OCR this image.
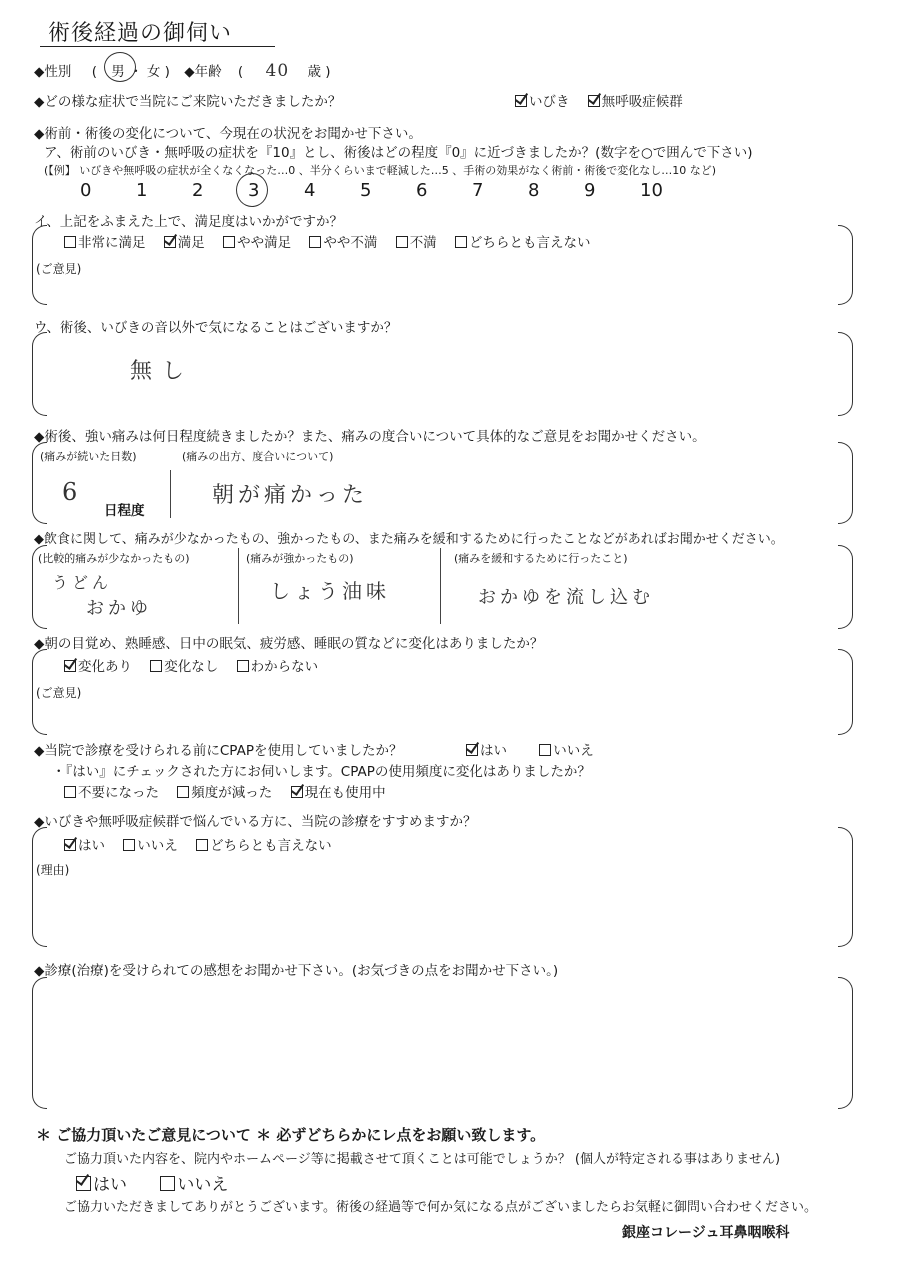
術後経過の御伺い
◆性別 ( 男 ・ 女 ) ◆年齢 ( 40 歳 )
◆どの様な症状で当院にご来院いただきましたか？	いびき 無呼吸症候群
◆術前・術後の変化について、今現在の状況をお聞かせ下さい。
ア、術前のいびき・無呼吸の症状を『10』とし、術後はどの程度『0』に近づきましたか？(数字を○で囲んで下さい)
(【例】 いびきや無呼吸の症状が全くなくなった…0 、半分くらいまで軽減した…5 、手術の効果がなく術前・術後で変化なし…10 など)
0 1 2 3 4 5 6 7 8 9 10
イ、上記をふまえた上で、満足度はいかがですか？
非常に満足 満足 やや満足 やや不満 不満 どちらとも言えない
(ご意見)
ウ、術後、いびきの音以外で気になることはございますか？
無し
◆術後、強い痛みは何日程度続きましたか？また、痛みの度合いについて具体的なご意見をお聞かせください。
(痛みが続いた日数)
6
日程度
(痛みの出方、度合いについて)
朝が痛かった
◆飲食に関して、痛みが少なかったもの、強かったもの、また痛みを緩和するために行ったことなどがあればお聞かせください。
(比較的痛みが少なかったもの)
うどん
おかゆ
(痛みが強かったもの)
しょう油味
(痛みを緩和するために行ったこと)
おかゆを流し込む
◆朝の目覚め、熟睡感、日中の眠気、疲労感、睡眠の質などに変化はありましたか？
変化あり 変化なし わからない
(ご意見)
◆当院で診療を受けられる前にCPAPを使用していましたか？	はい	いいえ
・『はい』にチェックされた方にお伺いします。CPAPの使用頻度に変化はありましたか？
不要になった 頻度が減った 現在も使用中
◆いびきや無呼吸症候群で悩んでいる方に、当院の診療をすすめますか？
はい いいえ どちらとも言えない
(理由)
◆診療(治療)を受けられての感想をお聞かせ下さい。(お気づきの点をお聞かせ下さい。)
＊ ご協力頂いたご意見について ＊ 必ずどちらかにレ点をお願い致します。
ご協力頂いた内容を、院内やホームページ等に掲載させて頂くことは可能でしょうか？ (個人が特定される事はありません)
はい	いいえ
ご協力いただきましてありがとうございます。術後の経過等で何か気になる点がございましたらお気軽に御問い合わせください。
銀座コレージュ耳鼻咽喉科
